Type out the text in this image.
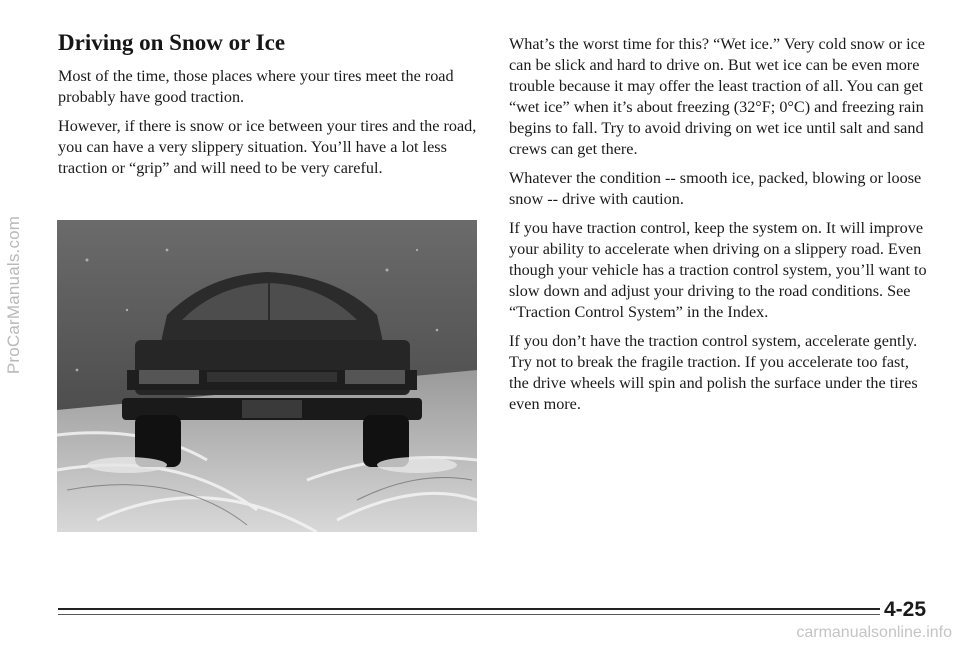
ProCarManuals.com
Driving on Snow or Ice

Most of the time, those places where your tires meet the road probably have good traction.

However, if there is snow or ice between your tires and the road, you can have a very slippery situation. You’ll have a lot less traction or “grip” and will need to be very careful.

What’s the worst time for this? “Wet ice.” Very cold snow or ice can be slick and hard to drive on. But wet ice can be even more trouble because it may offer the least traction of all. You can get “wet ice” when it’s about freezing (32°F; 0°C) and freezing rain begins to fall. Try to avoid driving on wet ice until salt and sand crews can get there.

Whatever the condition -- smooth ice, packed, blowing or loose snow -- drive with caution.

If you have traction control, keep the system on. It will improve your ability to accelerate when driving on a slippery road. Even though your vehicle has a traction control system, you’ll want to slow down and adjust your driving to the road conditions. See “Traction Control System” in the Index.

If you don’t have the traction control system, accelerate gently. Try not to break the fragile traction. If you accelerate too fast, the drive wheels will spin and polish the surface under the tires even more.

4-25
carmanualsonline.info
